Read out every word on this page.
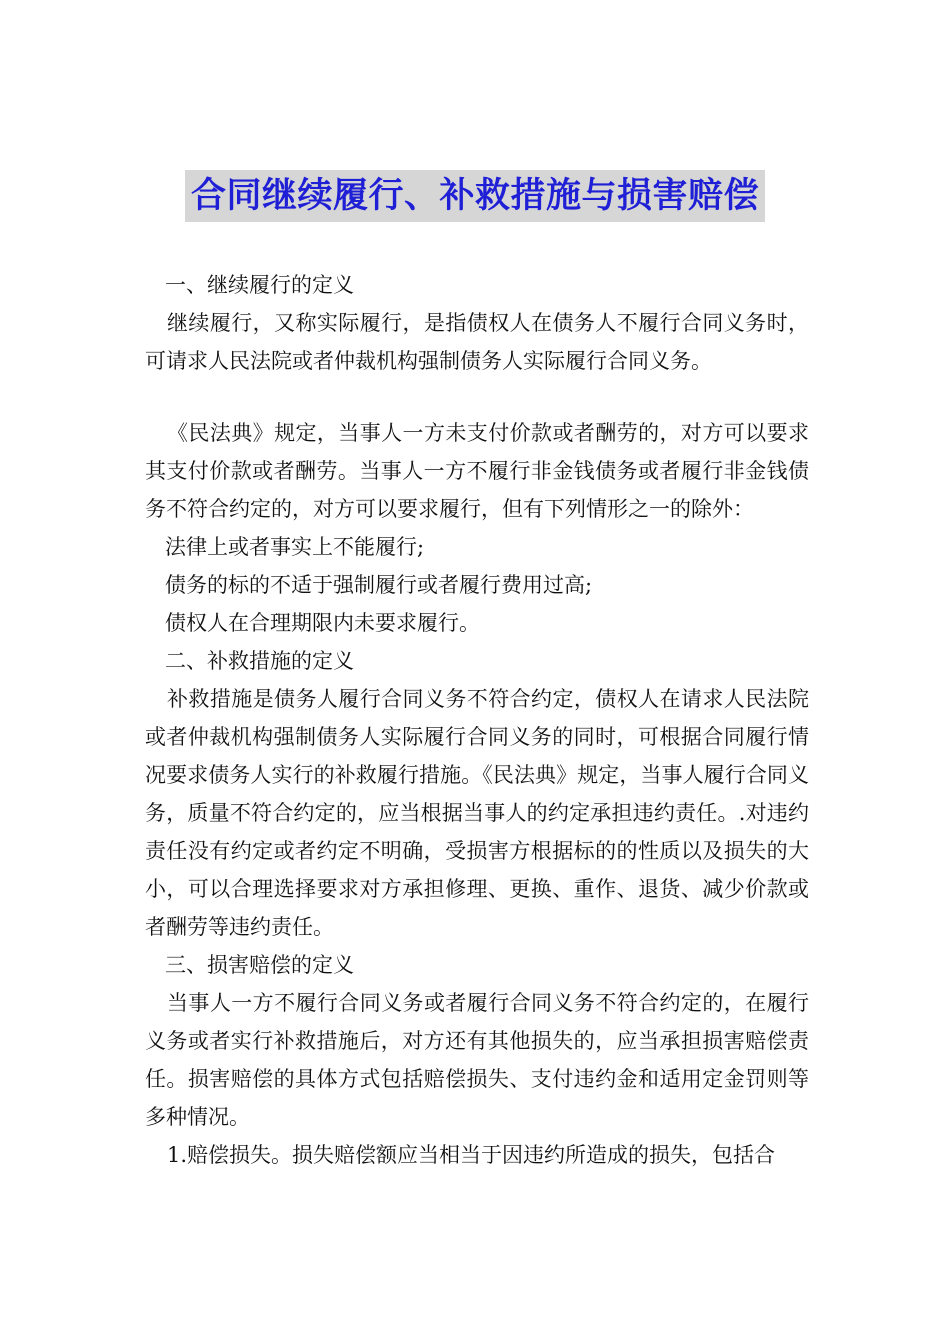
合同继续履行、补救措施与损害赔偿

一、继续履行的定义

继续履行，又称实际履行，是指债权人在债务人不履行合同义务时，可请求人民法院或者仲裁机构强制债务人实际履行合同义务。

《民法典》规定，当事人一方未支付价款或者酬劳的，对方可以要求其支付价款或者酬劳。当事人一方不履行非金钱债务或者履行非金钱债务不符合约定的，对方可以要求履行，但有下列情形之一的除外：

法律上或者事实上不能履行;

债务的标的不适于强制履行或者履行费用过高;

债权人在合理期限内未要求履行。

二、补救措施的定义

补救措施是债务人履行合同义务不符合约定，债权人在请求人民法院或者仲裁机构强制债务人实际履行合同义务的同时，可根据合同履行情况要求债务人实行的补救履行措施。《民法典》规定，当事人履行合同义务，质量不符合约定的，应当根据当事人的约定承担违约责任。.对违约责任没有约定或者约定不明确，受损害方根据标的的性质以及损失的大小，可以合理选择要求对方承担修理、更换、重作、退货、减少价款或者酬劳等违约责任。

三、损害赔偿的定义

当事人一方不履行合同义务或者履行合同义务不符合约定的，在履行义务或者实行补救措施后，对方还有其他损失的，应当承担损害赔偿责任。损害赔偿的具体方式包括赔偿损失、支付违约金和适用定金罚则等多种情况。

1.赔偿损失。损失赔偿额应当相当于因违约所造成的损失，包括合
